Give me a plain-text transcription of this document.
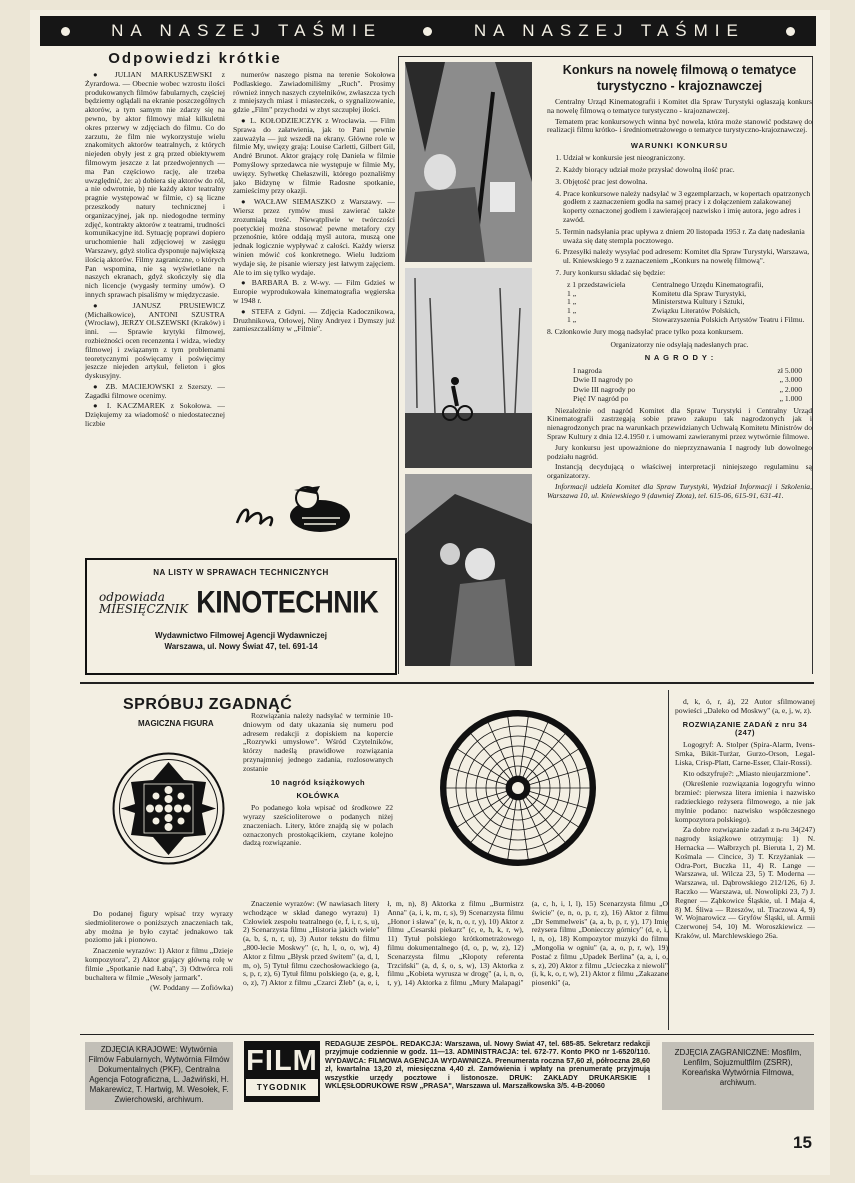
NA NASZEJ TAŚMIE	NA NASZEJ TAŚMIE
Odpowiedzi krótkie

● JULIAN MARKUSZEWSKI z Żyrardowa. — Obecnie wobec wzrostu ilości produkowanych filmów fabularnych, częściej będziemy oglądali na ekranie poszczególnych aktorów, a tym samym nie zdarzy się na pewno, by aktor filmowy miał kilkuletni okres przerwy w zdjęciach do filmu. Co do zarzutu, że film nie wykorzystuje wielu znakomitych aktorów teatralnych, z których niejeden obyły jest z grą przed obiektywem filmowym jeszcze z lat przedwojennych — ma Pan częściowo rację, ale trzeba uwzględnić, że: a) dobiera się aktorów do ról, a nie odwrotnie, b) nie każdy aktor teatralny pragnie występować w filmie, c) są liczne przeszkody natury technicznej i organizacyjnej, jak np. niedogodne terminy zdjęć, kontrakty aktorów z teatrami, trudności komunikacyjne itd. Sytuację poprawi dopiero uruchomienie hali zdjęciowej w zasięgu Warszawy, gdyż stolica dysponuje największą ilością aktorów. Filmy zagraniczne, o których Pan wspomina, nie są wyświetlane na naszych ekranach, gdyż skończyły się dla nich licencje (wygasły terminy umów). O innych sprawach pisaliśmy w międzyczasie.

● JANUSZ PRUSIEWICZ (Michałkowice), ANTONI SZUSTRA (Wrocław), JERZY OLSZEWSKI (Kraków) i inni. — Sprawie krytyki filmowej, rozbieżności ocen recenzenta i widza, wiedzy filmowej i związanym z tym problemami teoretycznymi poświęcamy i poświęcimy jeszcze niejeden artykuł, felieton i głos dyskusyjny.

● ZB. MACIEJOWSKI z Szerszy. — Zagadki filmowe ocenimy.

● I. KACZMAREK z Sokołowa. — Dziękujemy za wiadomość o niedostatecznej liczbie

numerów naszego pisma na terenie Sokołowa Podlaskiego. Zawiadomiliśmy „Ruch". Prosimy również innych naszych czytelników, zwłaszcza tych z mniejszych miast i miasteczek, o sygnalizowanie, gdzie „Film" przychodzi w zbyt szczupłej ilości.

● L. KOŁODZIEJCZYK z Wrocławia. — Film Sprawa do załatwienia, jak to Pani pewnie zauważyła — już wszedł na ekrany. Główne role w filmie My, uwięzy grają: Louise Carletti, Gilbert Gil, André Brunot. Aktor grający rolę Daniela w filmie Pomyślowy sprzedawca nie występuje w filmie My, uwięzy. Sylwetkę Chełaszwili, którego poznaliśmy jako Bidzynę w filmie Radosne spotkanie, zamieścimy przy okazji.

● WACŁAW SIEMASZKO z Warszawy. — Wiersz przez rymów musi zawierać także zrozumiałą treść. Niewątpliwie w twórczości poetyckiej można stosować pewne metafory czy przenośnie, które oddają myśl autora, muszą one jednak logicznie wypływać z całości. Każdy wiersz winien mówić coś konkretnego. Wielu ludziom wydaje się, że pisanie wierszy jest łatwym zajęciem. Ale to im się tylko wydaje.

● BARBARA B. z W-wy. — Film Gdzieś w Europie wyprodukowała kinematografia węgierska w 1948 r.

● STEFA z Gdyni. — Zdjęcia Kadocznikowa, Druzhnikowa, Orłowej, Niny Andryez i Dymszy już zamieszczaliśmy w „Filmie".

NA LISTY W SPRAWACH TECHNICZNYCH
odpowiada
MIESIĘCZNIK KINOTECHNIK
Wydawnictwo Filmowej Agencji Wydawniczej
Warszawa, ul. Nowy Świat 47, tel. 691-14
Konkurs na nowelę filmową o tematyce turystyczno - krajoznawczej

Centralny Urząd Kinematografii i Komitet dla Spraw Turystyki ogłaszają konkurs na nowelę filmową o tematyce turystyczno - krajoznawczej.

Tematem prac konkursowych winna być nowela, która może stanowić podstawę do realizacji filmu krótko- i średniometrażowego o tematyce turystyczno-krajoznawczej.

WARUNKI KONKURSU
1. Udział w konkursie jest nieograniczony.
2. Każdy biorący udział może przysłać dowolną ilość prac.
3. Objętość prac jest dowolna.
4. Prace konkursowe należy nadsyłać w 3 egzemplarzach, w kopertach opatrzonych godłem z zaznaczeniem godła na samej pracy i z dołączeniem zalakowanej koperty oznaczonej godłem i zawierającej nazwisko i imię autora, jego adres i zawód.
5. Termin nadsyłania prac upływa z dniem 20 listopada 1953 r. Za datę nadesłania uważa się datę stempla pocztowego.
6. Przesyłki należy wysyłać pod adresem: Komitet dla Spraw Turystyki, Warszawa, ul. Kniewskiego 9 z zaznaczeniem „Konkurs na nowelę filmową".
7. Jury konkursu składać się będzie:
z 1 przedstawiciela	Centralnego Urzędu Kinematografii,
1 „	Komitetu dla Spraw Turystyki,
1 „	Ministerstwa Kultury i Sztuki,
1 „	Związku Literatów Polskich,
1 „	Stowarzyszenia Polskich Artystów Teatru i Filmu.
8. Członkowie Jury mogą nadsyłać prace tylko poza konkursem.
Organizatorzy nie odsyłają nadesłanych prac.
N A G R O D Y :
I nagroda	zł 5.000
Dwie II nagrody po	„ 3.000
Dwie III nagrody po	„ 2.000
Pięć IV nagród po	„ 1.000

Niezależnie od nagród Komitet dla Spraw Turystyki i Centralny Urząd Kinematografii zastrzegają sobie prawo zakupu tak nagrodzonych jak i nienagrodzonych prac na warunkach przewidzianych Uchwałą Komitetu Ministrów do Spraw Kultury z dnia 12.4.1950 r. i umowami zawieranymi przez wytwórnie filmowe.

Jury konkursu jest upoważnione do nieprzyznawania I nagrody lub dowolnego podziału nagród.

Instancją decydującą o właściwej interpretacji niniejszego regulaminu są organizatorzy.

Informacji udziela Komitet dla Spraw Turystyki, Wydział Informacji i Szkolenia, Warszawa 10, ul. Kniewskiego 9 (dawniej Złota), tel. 615-06, 615-91, 631-41.

SPRÓBUJ ZGADNĄĆ
MAGICZNA FIGURA

Do podanej figury wpisać trzy wyrazy siedmioliterowe o poniższych znaczeniach tak, aby można je było czytać jednakowo tak poziomo jak i pionowo.

Znaczenie wyrazów: 1) Aktor z filmu „Dzieje kompozytora", 2) Aktor grający główną rolę w filmie „Spotkanie nad Łabą", 3) Odtwórca roli buchaltera w filmie „Wesoły jarmark".

(W. Poddany — Zofiówka)

Rozwiązania należy nadsyłać w terminie 10-dniowym od daty ukazania się numeru pod adresem redakcji z dopiskiem na kopercie „Rozrywki umysłowe". Wśród Czytelników, którzy nadeślą prawidłowe rozwiązania przynajmniej jednego zadania, rozlosowanych zostanie

10 nagród książkowych
KOŁÓWKA

Po podanego koła wpisać od środkowe 22 wyrazy sześcioliterowe o podanych niżej znaczeniach. Litery, które znajdą się w polach oznaczonych prostokącikiem, czytane kolejno dadzą rozwiązanie.

Znaczenie wyrazów: (W nawiasach litery wchodzące w skład danego wyrazu) 1) Człowiek zespołu teatralnego (e, f, i, r, s, u), 2) Scenarzysta filmu „Historia jakich wiele" (a, b, ś, n, r, u), 3) Autor tekstu do filmu „800-lecie Moskwy" (c, h, l, o, o, w), 4) Aktor z filmu „Błysk przed świtem" (a, d, l, m, o), 5) Tytuł filmu czechosłowackiego (a, s, p, r, z), 6) Tytuł filmu polskiego (a, e, g, ł, o, z), 7) Aktor z filmu „Czarci Żleb" (a, e, i, ł, m, n), 8) Aktorka z filmu „Burmistrz Anna" (a, i, k, m, r, s), 9) Scenarzysta filmu „Honor i sława" (e, k, n, o, r, y), 10) Aktor z filmu „Cesarski piekarz" (c, e, h, k, r, w), 11) Tytuł polskiego krótkometrażowego filmu dokumentalnego (d, o, p, w, z), 12) Scenarzysta filmu „Kłopoty referenta Trzciński" (a, d, ś, o, s, w), 13) Aktorka z filmu „Kobieta wyrusza w drogę" (a, i, n, o, t, y), 14) Aktorka z filmu „Mury Malapagi" (a, c, h, i, l, l), 15) Scenarzysta filmu „O świcie" (e, n, o, p, r, z), 16) Aktor z filmu „Dr Semmelweis" (a, a, b, p, r, y), 17) Imię reżysera filmu „Doniecczy górnicy" (d, e, i, l, n, o), 18) Kompozytor muzyki do filmu „Mongolia w ogniu" (a, a, o, p, r, w), 19) Postać z filmu „Upadek Berlina" (a, a, i, o, s, z), 20) Aktor z filmu „Ucieczka z niewoli" (i, k, k, o, r, w), 21) Aktor z filmu „Zakazane piosenki" (a,

d, k, ó, r, á), 22 Autor sfilmowanej powieści „Daleko od Moskwy" (a, e, j, w, z).

ROZWIĄZANIE ZADAŃ z nru 34 (247)

Logogryf: A. Stolper (Spira-Alarm, Ivens-Srnka, Bikit-Turżar, Gurzo-Orson, Legal-Liska, Crisp-Platt, Carne-Esser, Clair-Rossi).

Kto odszyfruje?: „Miasto nieujarzmione".

(Określenie rozwiązania logogryfu winno brzmieć: pierwsza litera imienia i nazwisko radzieckiego reżysera filmowego, a nie jak mylnie podano: nazwisko współczesnego kompozytora polskiego).

Za dobre rozwiązanie zadań z n-ru 34(247) nagrody książkowe otrzymują: 1) N. Hernacka — Wałbrzych pl. Bieruta 1, 2) M. Kośmala — Cincice, 3) T. Krzyżaniak — Odra-Port, Buczka 11, 4) R. Lange — Warszawa, ul. Wilcza 23, 5) T. Moderna — Warszawa, ul. Dąbrowskiego 212/126, 6) J. Raczko — Warszawa, ul. Nowolipki 23, 7) J. Regner — Ząbkowice Śląskie, ul. I Maja 4, 8) M. Śliwa — Rzeszów, ul. Traczowa 4, 9) W. Wojnarowicz — Gryfów Śląski, ul. Armii Czerwonej 54, 10) M. Woroszkiewicz — Kraków, ul. Marchlewskiego 26a.

ZDJĘCIA KRAJOWE: Wytwórnia Filmów Fabularnych, Wytwórnia Filmów Dokumentalnych (PKF), Centralna Agencja Fotograficzna, L. Jaźwiński, H. Makarewicz, T. Hartwig, M. Wesołek, F. Zwierchowski, archiwum.
FILM
TYGODNIK
REDAGUJE ZESPÓŁ. REDAKCJA: Warszawa, ul. Nowy Świat 47, tel. 685-85. Sekretarz redakcji przyjmuje codziennie w godz. 11—13. ADMINISTRACJA: tel. 672-77. Konto PKO nr 1-6520/110. WYDAWCA: FILMOWA AGENCJA WYDAWNICZA. Prenumerata roczna 57,60 zł, półroczna 28,60 zł, kwartalna 13,20 zł, miesięczna 4,40 zł. Zamówienia i wpłaty na prenumeratę przyjmują wszystkie urzędy pocztowe i listonosze. DRUK: ZAKŁADY DRUKARSKIE I WKLĘSŁODRUKOWE RSW „PRASA", Warszawa ul. Marszałkowska 3/5. 4-B-20060
ZDJĘCIA ZAGRANICZNE: Mosfilm, Lenfilm, Sojuzmultfilm (ZSRR), Koreańska Wytwórnia Filmowa, archiwum.
15
